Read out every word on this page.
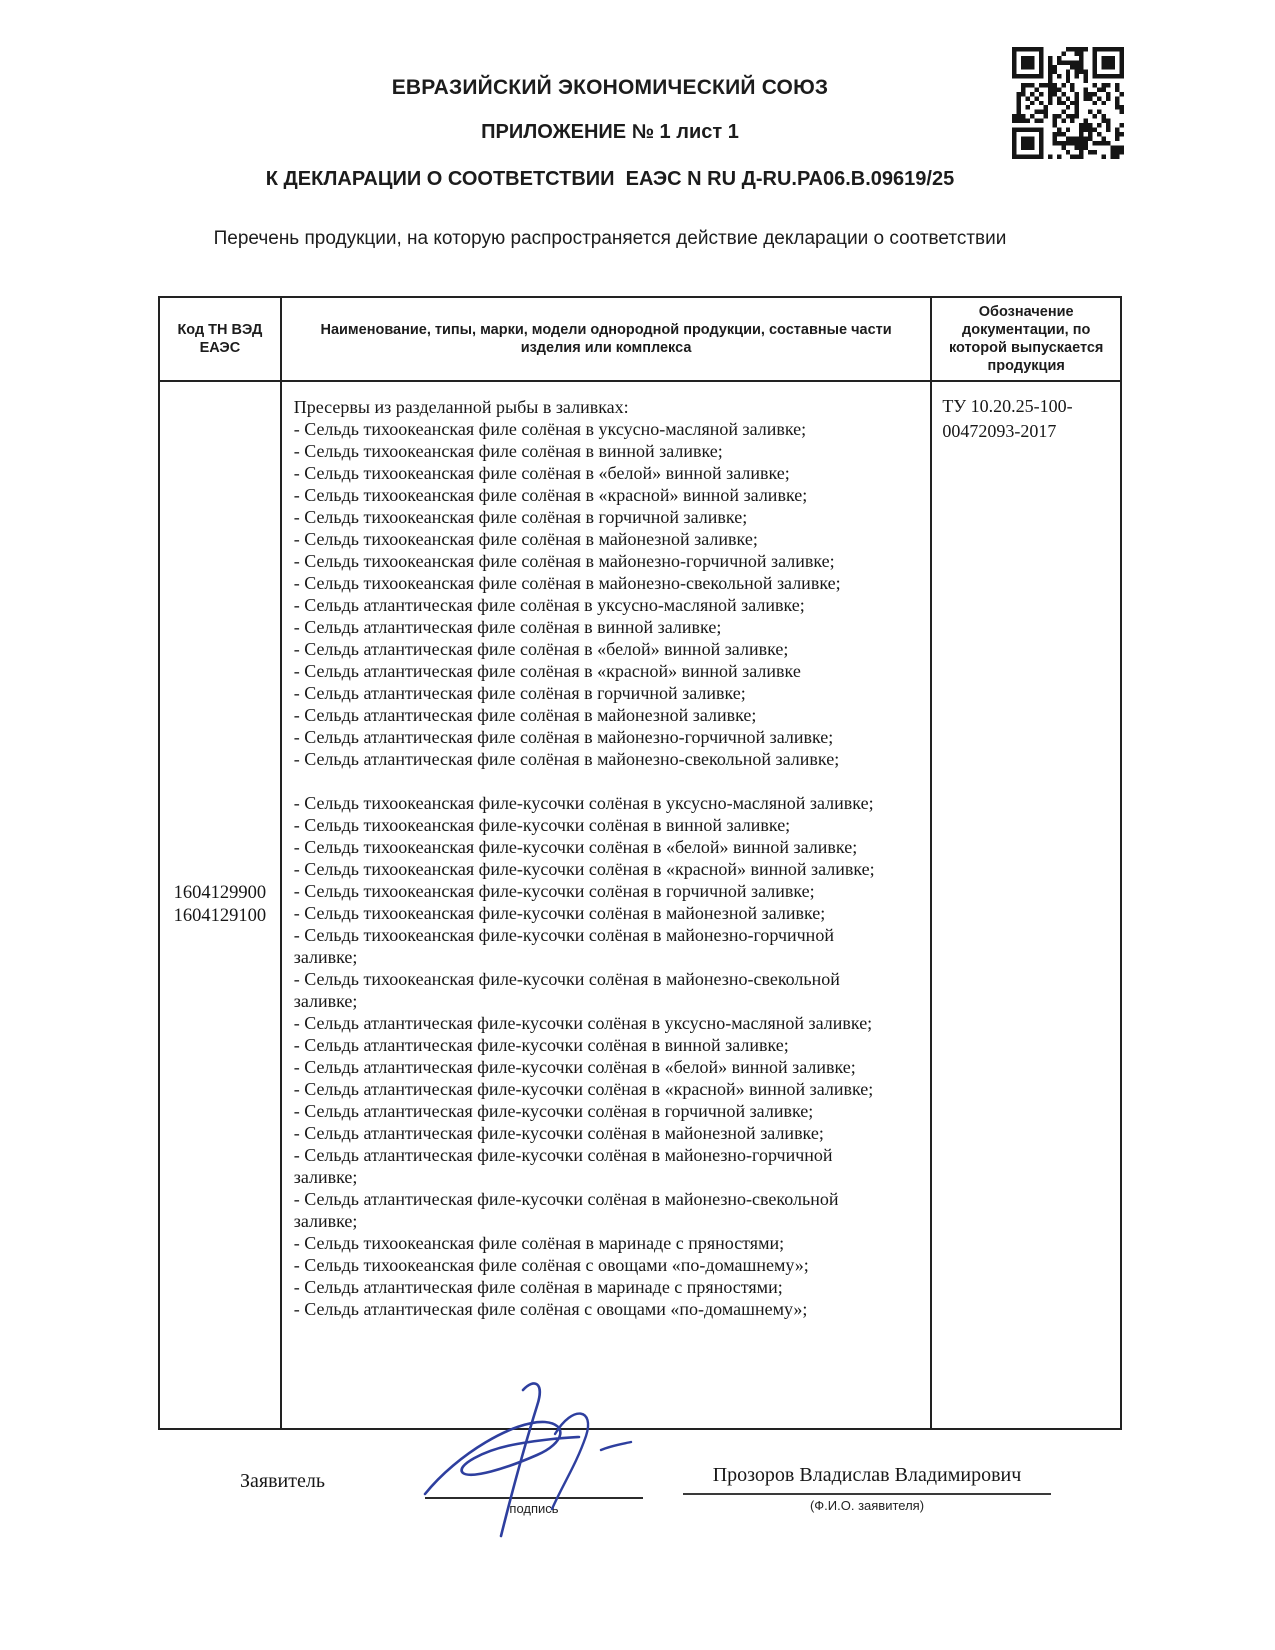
ЕВРАЗИЙСКИЙ ЭКОНОМИЧЕСКИЙ СОЮЗ
ПРИЛОЖЕНИЕ № 1 лист 1
К ДЕКЛАРАЦИИ О СООТВЕТСТВИИ  ЕАЭС N RU Д-RU.РА06.В.09619/25
Перечень продукции, на которую распространяется действие декларации о соответствии
Код ТН ВЭД ЕАЭС
Наименование, типы, марки, модели однородной продукции, составные части изделия или комплекса
Обозначение документации, по которой выпускается продукция
1604129900
1604129100
Пресервы из разделанной рыбы в заливках:
- Сельдь тихоокеанская филе солёная в уксусно-масляной заливке;
- Сельдь тихоокеанская филе солёная в винной заливке;
- Сельдь тихоокеанская филе солёная в «белой» винной заливке;
- Сельдь тихоокеанская филе солёная в «красной» винной заливке;
- Сельдь тихоокеанская филе солёная в горчичной заливке;
- Сельдь тихоокеанская филе солёная в майонезной заливке;
- Сельдь тихоокеанская филе солёная в майонезно-горчичной заливке;
- Сельдь тихоокеанская филе солёная в майонезно-свекольной заливке;
- Сельдь атлантическая филе солёная в уксусно-масляной заливке;
- Сельдь атлантическая филе солёная в винной заливке;
- Сельдь атлантическая филе солёная в «белой» винной заливке;
- Сельдь атлантическая филе солёная в «красной» винной заливке
- Сельдь атлантическая филе солёная в горчичной заливке;
- Сельдь атлантическая филе солёная в майонезной заливке;
- Сельдь атлантическая филе солёная в майонезно-горчичной заливке;
- Сельдь атлантическая филе солёная в майонезно-свекольной заливке;
- Сельдь тихоокеанская филе-кусочки солёная в уксусно-масляной заливке;
- Сельдь тихоокеанская филе-кусочки солёная в винной заливке;
- Сельдь тихоокеанская филе-кусочки солёная в «белой» винной заливке;
- Сельдь тихоокеанская филе-кусочки солёная в «красной» винной заливке;
- Сельдь тихоокеанская филе-кусочки солёная в горчичной заливке;
- Сельдь тихоокеанская филе-кусочки солёная в майонезной заливке;
- Сельдь тихоокеанская филе-кусочки солёная в майонезно-горчичной заливке;
- Сельдь тихоокеанская филе-кусочки солёная в майонезно-свекольной заливке;
- Сельдь атлантическая филе-кусочки солёная в уксусно-масляной заливке;
- Сельдь атлантическая филе-кусочки солёная в винной заливке;
- Сельдь атлантическая филе-кусочки солёная в «белой» винной заливке;
- Сельдь атлантическая филе-кусочки солёная в «красной» винной заливке;
- Сельдь атлантическая филе-кусочки солёная в горчичной заливке;
- Сельдь атлантическая филе-кусочки солёная в майонезной заливке;
- Сельдь атлантическая филе-кусочки солёная в майонезно-горчичной заливке;
- Сельдь атлантическая филе-кусочки солёная в майонезно-свекольной заливке;
- Сельдь тихоокеанская филе солёная в маринаде с пряностями;
- Сельдь тихоокеанская филе солёная с овощами «по-домашнему»;
- Сельдь атлантическая филе солёная в маринаде с пряностями;
- Сельдь атлантическая филе солёная с овощами «по-домашнему»;
ТУ 10.20.25-100-
00472093-2017
Заявитель
подпись
Прозоров Владислав Владимирович
(Ф.И.О. заявителя)
